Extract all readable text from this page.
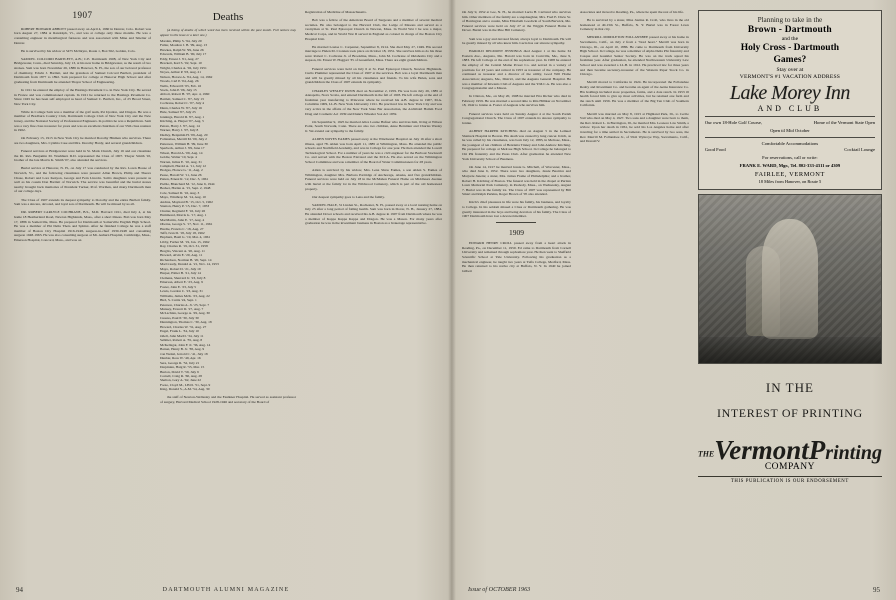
1907

ROBERT HOWARD ABBOTT passed away on April 4, 1960 in Denver, Colo. Robert was born August 27, 1884 at Randolph, Vt., and was at college only three months. He was a consulting engineer in metallurgical furnaces and was associated with Mine and Smelter of Denver.

He is survived by his widow at 5475 McIntyre, Route 1, Box 562, Golden, Colo.

SAMUEL COLCORD BARTLETT, A.B.; C.E. Dartmouth 1908, of New York City and Bridgewater, Conn., died Saturday, July 13, at his new home in Bridgewater, as the result of two strokes. Sam was born November 26, 1886 in Hanover, N. H., the son of our beloved professor of chemistry, Edwin J. Bartlett, and the grandson of Samuel Colcord Bartlett, president of Dartmouth from 1877 to 1892. Sam prepared for college at Hanover High School and after graduating from Dartmouth he attended Thayer School of Engineering.

In 1911 he entered the employ of the Hastings Pavement Co. in New York City. He served in France and was commissioned captain. In 1921 he returned to the Hastings Pavement Co. Since 1945 he has been self employed as head of Samuel C. Bartlett, Inc., of 25 Broad Street, New York City.

While in College Sam was a member of the golf team, Psi Upsilon, and Dragon. He was a member of Bradburn Country Club, Dartmouth College Club of New York City and the New Jersey, and the National Society of Professional Engineers. In politics he was a Republican. Sam was a very fine class treasurer for years and was an excellent chairman of our 55th class reunion in 1962.

On February 15, 1915 in New York City he married Dorothy Hinman who survives. There are two daughters, Mrs. Cynthia Case and Mrs. Dorothy Hardy, and several grandchildren.

Funeral services at Bridgewater were held in St. Mark Church, July 16 and our classmate the Rt. Rev. Benjamin M. Washburn D.D. represented the Class of 1907. Thayer Smith '10, brother of the late Morris K. Smith '07, also attended the services.

Burial service at Hanover, N. H., on July 17 was conducted by the Rev. Loren House of Norwich, Vt., and the following classmates were present: Allan Brown, Philip and Theora Chase, Robert and Lora Kenyon, George and Fern Lincoln. Sam's daughters were present as well as his cousin Don Bartlett of Norwich. The service was beautiful and the burial stones nearby brought back memories of President Tucker, Prof. Worthen, and many Dartmouth men of our college days.

The Class of 1907 extends its deepest sympathy to Dorothy and the entire Bartlett family. Sam was a sincere, devoted, and loyal son of Dartmouth. He will be missed by us all.

DR. ROBERT CARLYLE COCHRANE, B.S., M.D. Harvard 1911, died July 4, at his home 18 Heatherland Road, Newton Highlands, Mass., after a short illness. Bob was born May 17, 1886 in Somerville, Mass. He prepared for Dartmouth at Somerville English High School. He was a member of Phi Delta Theta and Sphinx. After he finished College he was a staff member of Boston City Hospital 1916-1948, surgeon-in-chief 1930-1948 and consulting surgeon 1948-1963. He was also consulting surgeon at Mt. Auburn Hospital, Cambridge, Mass., Emerson Hospital, Concord, Mass., and was on

Deaths

(A listing of deaths of which word has been received within the past month. Full notices may appear in this issue or a later one.)

Marden, Philip S. '94, July 20
Fuller, Moulton J. B. '99, Aug. 13
Hawkes, Ralph W. '99, June 26
Edwards, William B. '00, July 17
Eddy, Ernest J. '01, Aug. 27
Brackett, Karl S. '02, Sept. 10
Wright, Charles A. '02, July 1951
Noyes, Arthur P. '03, Aug. 21
Nelson, Horace A. '04, Aug. 14, 1962
Woods, Carl P. '04, Aug. 26
Wells, Edward P. '05, Feb. 16
Stock, John P. '06, July 15
Abbott, Robert H. '07, Apr. 4, 1960
Bartlett, Samuel C. '07, July 13
Cochrane, Robert C. '07, July 4
Dunn, Charles W. '07, July 16
Hale, Samuel '07, July 25
Jennings, Harold D. '07, Aug. 1
Kitching, A. Harper '07, Aug. 5
Petren, Harry J. '07, Aug. 14
Warner, Harry J. '07, July 8
Dudley, Benjamin H. '09, Aug. 20
Follansbee, Merrill M. '09, July 2
Patterson, William H. '09, June 30
Sperbeck, Arthur J. '09, June 17
Wheat, Harold A. '09, Aug. 14
Goldie, Walter '10, Sept. 4
Warren, Julius E. '10, Aug. 31
Campbell, Harold A. '11, July 12
Hodges, Horace G. '11, Aug. 2
Pease, Harold W. '11, June 26
Patten, Ernest R. '12, Dec. 3, 1961
Preble, Blanchard M. '12, June 6, 1944
Becker, Harlan A. '15, Sept. 2, 1948
Cole, Samuel D. '16, Aug. 3
Mayo, Winthrop M. '14, Aug. 10
Andrus, Maynard B. '15, Oct. 5, 1962
Stanton, Henry P. '15, Dec. 7, 1953
Chutter, Reginald F. '16, July 26
Hammond, Morris G. '17, Aug. 1
MacMartin, John E. '17, Aug. 4
Oberne, George S. '17, Nov. 11, 1961
Hardie, Francis C. '18, Aug. 27
Tefft, Ivan D. '18, July 18, 1962
Hepburn, Basil G. '19, Mar. 4, 1961
Libby, Furber M. '19, Jan. 15, 1962
Ray, Charles R. '19, Oct. 31, 1958
Breglio, Vincent A. '20, Aug. 11
Howard, Alvin E. '20, Aug. 11
Richardson, Norman B. '20, Sept. 14
MacCready, Donald A. '21, Nov. 14, 1953
Mayo, Robert D. '21, July 19
Harper, Elmer B. '21, July 14
Clemens, Sherrard Jr. '23, July 8
Emerson, Albert E. '23, Aug. 9
Foster, John E. '23, July 5
Lewis, Gordon C. '23, Aug. 31
Williams, James McK. '23, Aug. 22
Bird, S. Curtis '24, Sept. 1
Peterson, Charles A. Jr. '25, Sept. 7
Munsey, Everett D. '27, Aug. 7
McLachlan, George A. '29, Aug. 30
Cusano, Paul P. '30, July 30
Dunnington, Thomas C. '30, Aug. 18
Howard, Charles W. '31, Aug. 27
Engel, Frank L. '34, July 10
Odell, John MacD. '34, July 11
Sellmer, Robert A. '35, Aug. 8
McKellagat, John F. Jr. '36, Aug. 14
Barnet, Henry B. Jr. '38, Aug. 9
von Weitel, Jerrold C. '41, July 18
Dunbar, Ross W. '49, Apr. 16
Sera, George R. '52, July 21
Darpinian, Haig R. '55, Mar. 15
Burton, David T. '59, July 9
Cornell, Craig R. '60, Aug. 28
Shelton, Gary A. '62, June 22
Foote, Cloyd M., LH.D. '51, Sept. 9
King, Donald S., A.M. '54, Aug. 30

the staff of Newton-Wellesley and the Faulkner Hospital. He served as assistant professor of surgery, Harvard Medical School 1928-1946 and secretary of the Board of

Registration of Medicine of Massachusetts.

Bob was a fellow of the American Board of Surgeons and a member of several medical societies. He also belonged to the Harvard Club, the Lodge of Masons and served as a vestryman at St. Paul Episcopal Church in Newton, Mass. In World War I he was a major, Medical Corps, and in World War II served in England as colonel in charge of the Boston City Hospital Unit.

He married Louise C. Carpenter, September 8, 1914. She died May 27, 1949. His second marriage to Helen M. Cronnan took place on October 18, 1951. She survives him as do his three sons: Robert C. Cochrane Jr. of Brookline, Mass., John M. Cochrane of Oklahoma City and a stepson, Dr. Ernest W. Haggart '35 of Greenfield, Mass. There are eight grandchildren.

Funeral services were held on July 6 at St. Paul Episcopal Church, Newton Highlands. Curtis Plummer represented the Class of 1907 at the services. Bob was a loyal Dartmouth man and will be greatly missed by all his classmates and friends. To his wife Helen, sons and grandchildren the Class of 1907 extends its sympathy.

CHARLES WESLEY DUNN died on November 2, 1959. He was born July 26, 1885 at Annapolis, Nova Scotia, and entered Dartmouth in the fall of 1903. He left college at the end of freshman year transferring to Princeton where he received his A.B. degree in 1907, M.A. Columbia 1909, LL.B. New York University 1911. He practiced law in New York City and was very active in the affairs of the New York State Bar Association, the Archibald Hamm Food Drug and Cosmetic Act 1939 and Dunn's Wheeler Sox Act 1959.

On September 9, 1925 he married Alice Louise Hafner who survives him, living at Wilson Point, South Norwalk, Conn. There are also two children, Anne Berninier and Charles Wesley Jr. We extend our sympathy to the family.

ALDEN NOYES EAMES passed away at the Winchester Hospital on July 16 after a short illness, aged 78. Alden was born April 11, 1885 at Wilmington, Mass. He attended the public schools and Northfield Academy, and was in College for one year. He then attended the Lowell Technological School. For a number of years he was a civil engineer for the Barbour Stockwell Co. and served with the Boston Elevated and the M.T.A. He also served on the Wilmington School Committee and was a member of the Board of Water Commissioners for 28 years.

Alden is survived by his widow, Mrs. Lena Shaw Eames, a son Alden S. Eames of Wilmington, daughter Mrs. Barbara Partridge of Anchorage, Alaska, and five grandchildren. Funeral services were held on July 18 in the McMahon Funeral Home on Middlesex Avenue with burial at the family lot in the Wildwood Cemetery, which is part of the old homestead property.

Our deepest sympathy goes to Lena and the family.

SAMUEL HALE, 31 Linden St., Rochester, N. H., passed away at a local nursing home on July 25 after a long period of failing health. Sam was born in Dover, N. H., January 27, 1884. He attended Dover schools and received his A.B. degree in 1907 from Dartmouth where he was a member of Kappa Kappa Kappa and Dragon. He was a Mason. For many years after graduation he was in the investment business in Boston as a brokerage representative.

94	DARTMOUTH ALUMNI MAGAZINE

On July 9, 1952 at Lee, N. H., he married Lucia H. Cartland who survives him. Other members of the family are a stepdaughter, Mrs. Fred E. Drew Sr. of Barrington and a cousin, Miss Elizabeth Goodwin of South Berwick, Me. Funeral services were held on July 27 at the Wiggin Funeral Home in Dover. Burial was in the Pine Hill Cemetery.

Sam was a gay and devoted friend, always loyal to Dartmouth. He will be greatly missed by all who knew him. Lucia has our sincere sympathy.

HAROLD DELMONT JENNINGS died August 1 at his home 34 Eastern Ave., Augusta, Me. Harold was born in Cornville, Me., June 9, 1883. He left College at the end of his sophomore year. In 1908 he entered the employ of the Central Maine Power Co. and served in a variety of positions for 43 years and retired in 1953 as treasurer of the company. He continued as treasurer and a director of the utility, Good Will Home Association; Augusta, Me., District, and the Augusta General Hospital. He was a member of Kiwanis Club of Augusta and the Y.M.C.A. He was also a Congregationalist and a Mason.

In Clinton, Me., on May 20, 1908 he married Etta Richer who died in February 1959. He was married a second time to Rita Hilliker on November 18, 1942 to Jennie A. Foster of Augusta who survives him.

Funeral services were held on Sunday August 4 at the South Parish Congregational Church. The Class of 1907 extends its sincere sympathy to Jennie.

ALBERT HARPER KITCHING died on August 5 in the Lemuel Shattuck Hospital in Boston. His death was caused by lung cancer. Kitch, as he was called by his classmates, was born July 12, 1883, in Melrose, Mass., the youngest of ten children of Henrietta Tinney and John Andrew Kitching. He prepared for college at Melrose High School. In College he belonged to Chi Phi fraternity and the Press Club. After graduation he attended New York University School of Business.

On June 14, 1917 he married Jessie G. Mitchell, of Worcester, Mass., who died June 6, 1952. There were two daughters, Jessie Beatrice and Marjorie Janette; a sister, Mrs. James Frame of Philadelphia; and a brother, Robert H. Kitching of Boston. The funeral was held in the chapel at Puritan Lawn Memorial Park Cemetery, in Peabody, Mass., on Wednesday, August 7. Burial was in the family lot. The Class of 1907 was represented by Bill Smart and Ralph Perkins, Roger Brown of '05 also attended.

Kitch's chief pleasures in life were his family, his business, and loyalty to College. In his seldom missed a Class or Dartmouth gathering. He was greatly interested in the boys and being devotion of his family. The Class of 1907 Dartmouth have lost a devoted member.

1909

EDWARD HENRY CROLL passed away from a heart attack in Reading, Pa., on December 11, 1950. Ed came to Dartmouth from Cornell University and remained through sophomore year. He then went to Sheffield Scientific School at Yale University. Following his graduation as a mechanical engineer, he taught two years at Tufts College, Medford, Mass. He then returned to his native city at Buffalo, N. Y. In 1940 he joined Gilbert

Associates and moved to Reading, Pa., where he spent the rest of his life.

He is survived by a sister, Miss Justina R. Croll, who lives in the old homestead at 40-15th St., Buffalo, N. Y. Burial was in Forest Lawn Cemetery in that city.

MERRILL MIDDLETON FOLLANSBEE passed away at his home in Sacramento, Calif., on July 2 from a "tired heart." Merrill was born in Chicago, Ill., on April 10, 1886. He came to Dartmouth from University High School. In College, he was a member of Alpha Delta Phi fraternity and Casque and Gauntlet Senior Society. He was on the track squad his freshman year. After graduation, he attended Northwestern University Law School and was awarded a LL.B. in 1912. He practiced law for three years and then became secretary-treasurer of the Western Paper Stock Co. in Chicago.

Merrill moved to California in 1924. He incorporated the Follansbee Realty and Investment Co. and became an agent of the Aetna Insurance Co. His holdings included store properties, farms, and a date ranch. In 1953 ill health forced him to give up most activities, but he retained one farm and the ranch until 1956. He was a member of the Big Ten Club of Southern California.

Merrill was married on May 8, 1915 at Highland Park, Ill., to Cecile Vail who died on May 4, 1927. Two sons and a daughter were born to them, the Rev. Robert L. in Barrington, Ill., he married Mrs. Leonore Law Smith, a widow. Upon her death in 1961, he sold his Los Angeles home and after traveling for a time settled in Sacramento. He is survived by two sons, the Rev. Merrill M. Follansbee Jr., of 5941 Wynroye Way, Sacramento, Calif., and Donald V.

Planning to take in the
Brown - Dartmouth
and the
Holy Cross - Dartmouth
Games?
Stay over at
VERMONT'S #1 VACATION ADDRESS
Lake Morey Inn
AND CLUB
Our own 18-Hole Golf Course,	Home of the Vermont State Open
Open til Mid October
Comfortable Accommodations
Good Food	Cocktail Lounge
For reservations, call or write:
FRANK E. WARD, Mgr., Tel. 802-333-4311 or 4309
FAIRLEE, VERMONT
18 Miles from Hanover, on Route 5
IN THE
INTEREST OF PRINTING
THEVermontPrinting
COMPANY
THIS PUBLICATION IS OUR ENDORSEMENT
95
Issue of OCTOBER 1963
